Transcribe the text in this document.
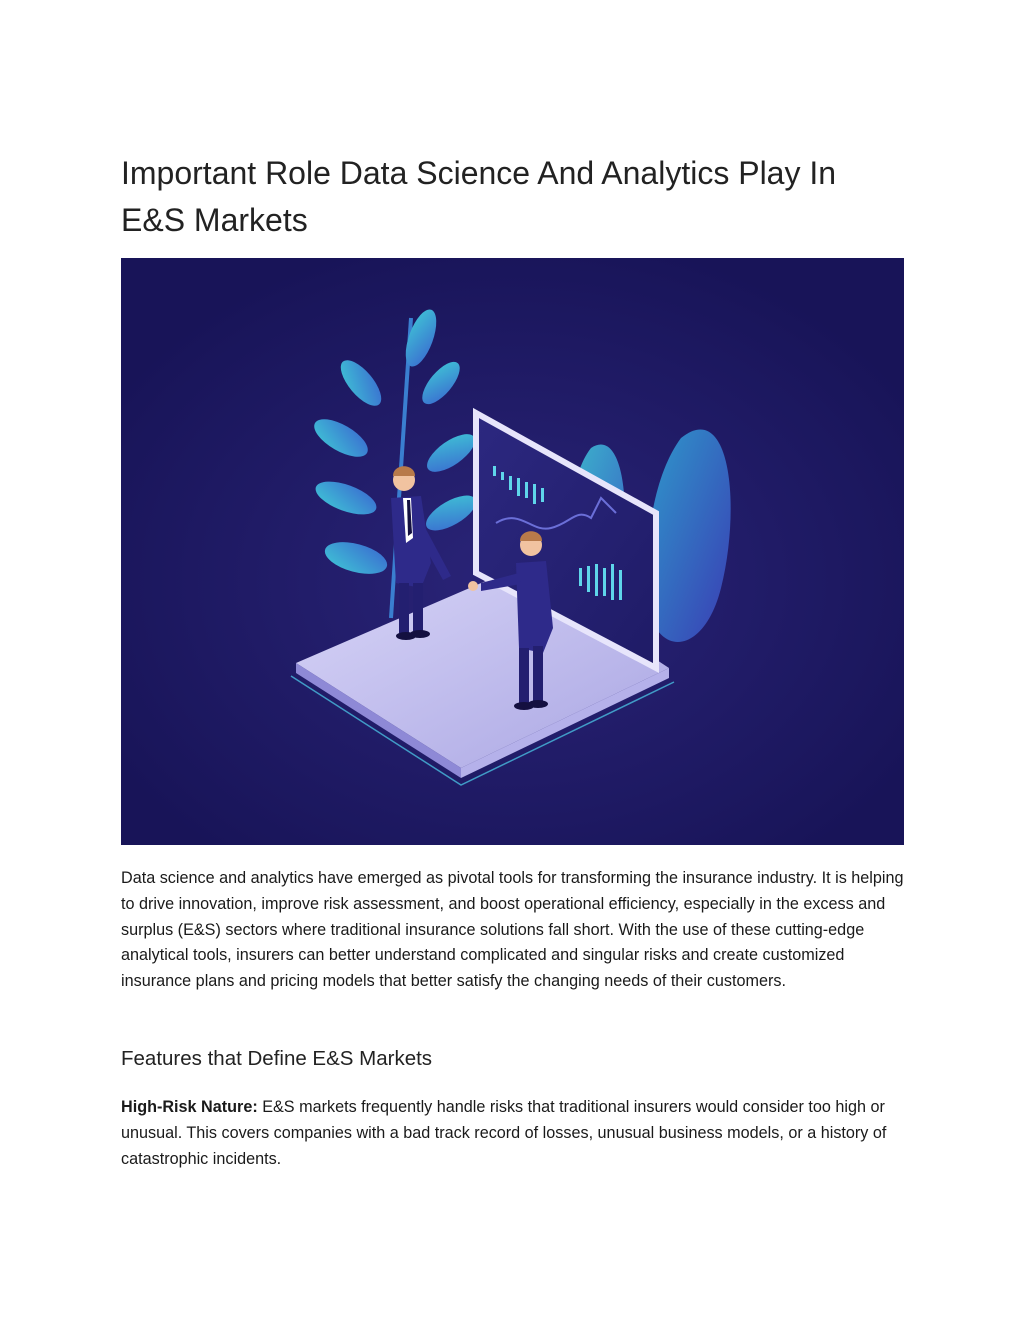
Important Role Data Science And Analytics Play In E&S Markets

Data science and analytics have emerged as pivotal tools for transforming the insurance industry. It is helping to drive innovation, improve risk assessment, and boost operational efficiency, especially in the excess and surplus (E&S) sectors where traditional insurance solutions fall short. With the use of these cutting-edge analytical tools, insurers can better understand complicated and singular risks and create customized insurance plans and pricing models that better satisfy the changing needs of their customers.

Features that Define E&S Markets

High-Risk Nature: E&S markets frequently handle risks that traditional insurers would consider too high or unusual. This covers companies with a bad track record of losses, unusual business models, or a history of catastrophic incidents.
